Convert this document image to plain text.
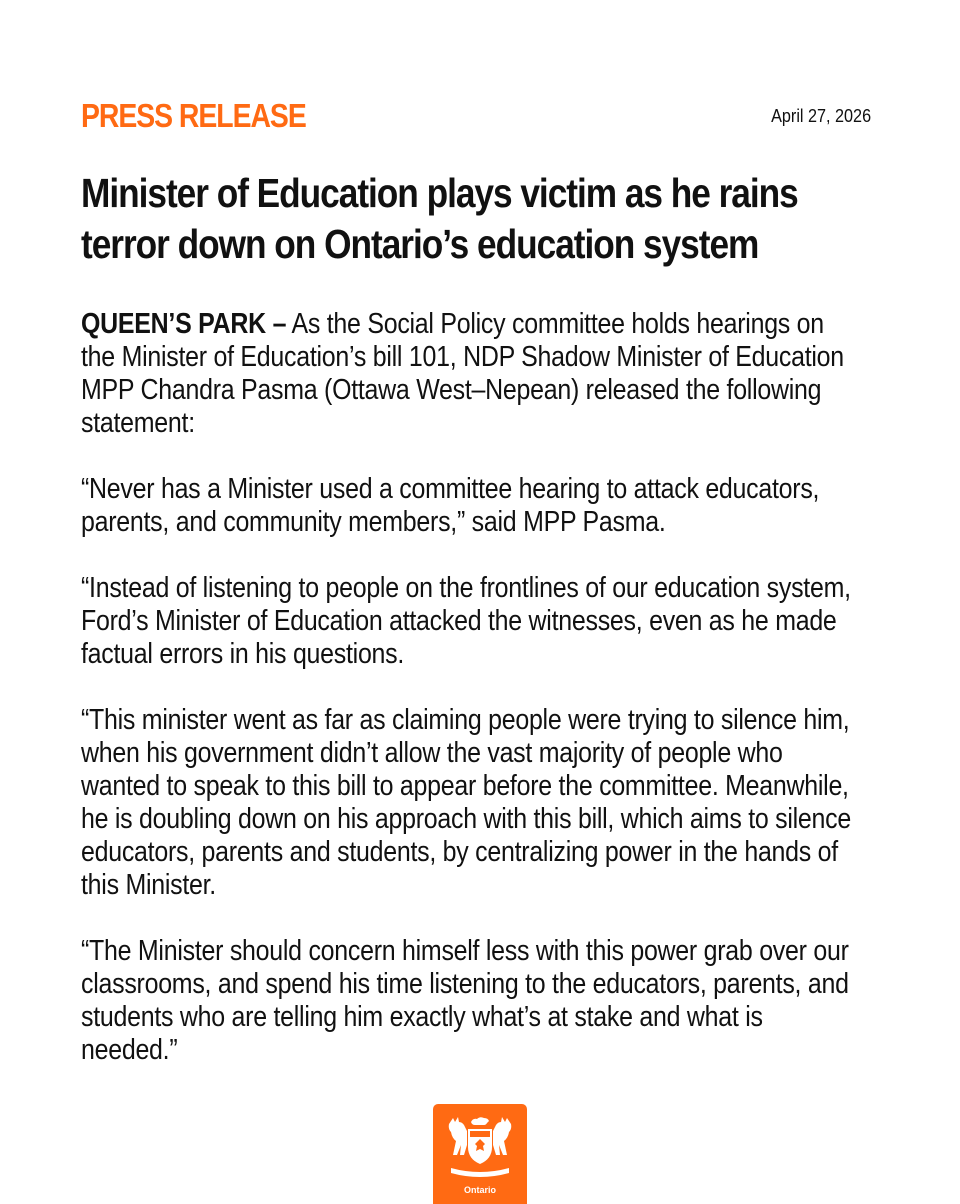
PRESS RELEASE	April 27, 2026
Minister of Education plays victim as he rains terror down on Ontario’s education system

QUEEN’S PARK – As the Social Policy committee holds hearings on the Minister of Education’s bill 101, NDP Shadow Minister of Education MPP Chandra Pasma (Ottawa West–Nepean) released the following statement:

“Never has a Minister used a committee hearing to attack educators, parents, and community members,” said MPP Pasma.

“Instead of listening to people on the frontlines of our education system, Ford’s Minister of Education attacked the witnesses, even as he made factual errors in his questions.

“This minister went as far as claiming people were trying to silence him, when his government didn’t allow the vast majority of people who wanted to speak to this bill to appear before the committee. Meanwhile, he is doubling down on his approach with this bill, which aims to silence educators, parents and students, by centralizing power in the hands of this Minister.

“The Minister should concern himself less with this power grab over our classrooms, and spend his time listening to the educators, parents, and students who are telling him exactly what’s at stake and what is needed.”

Ontario
